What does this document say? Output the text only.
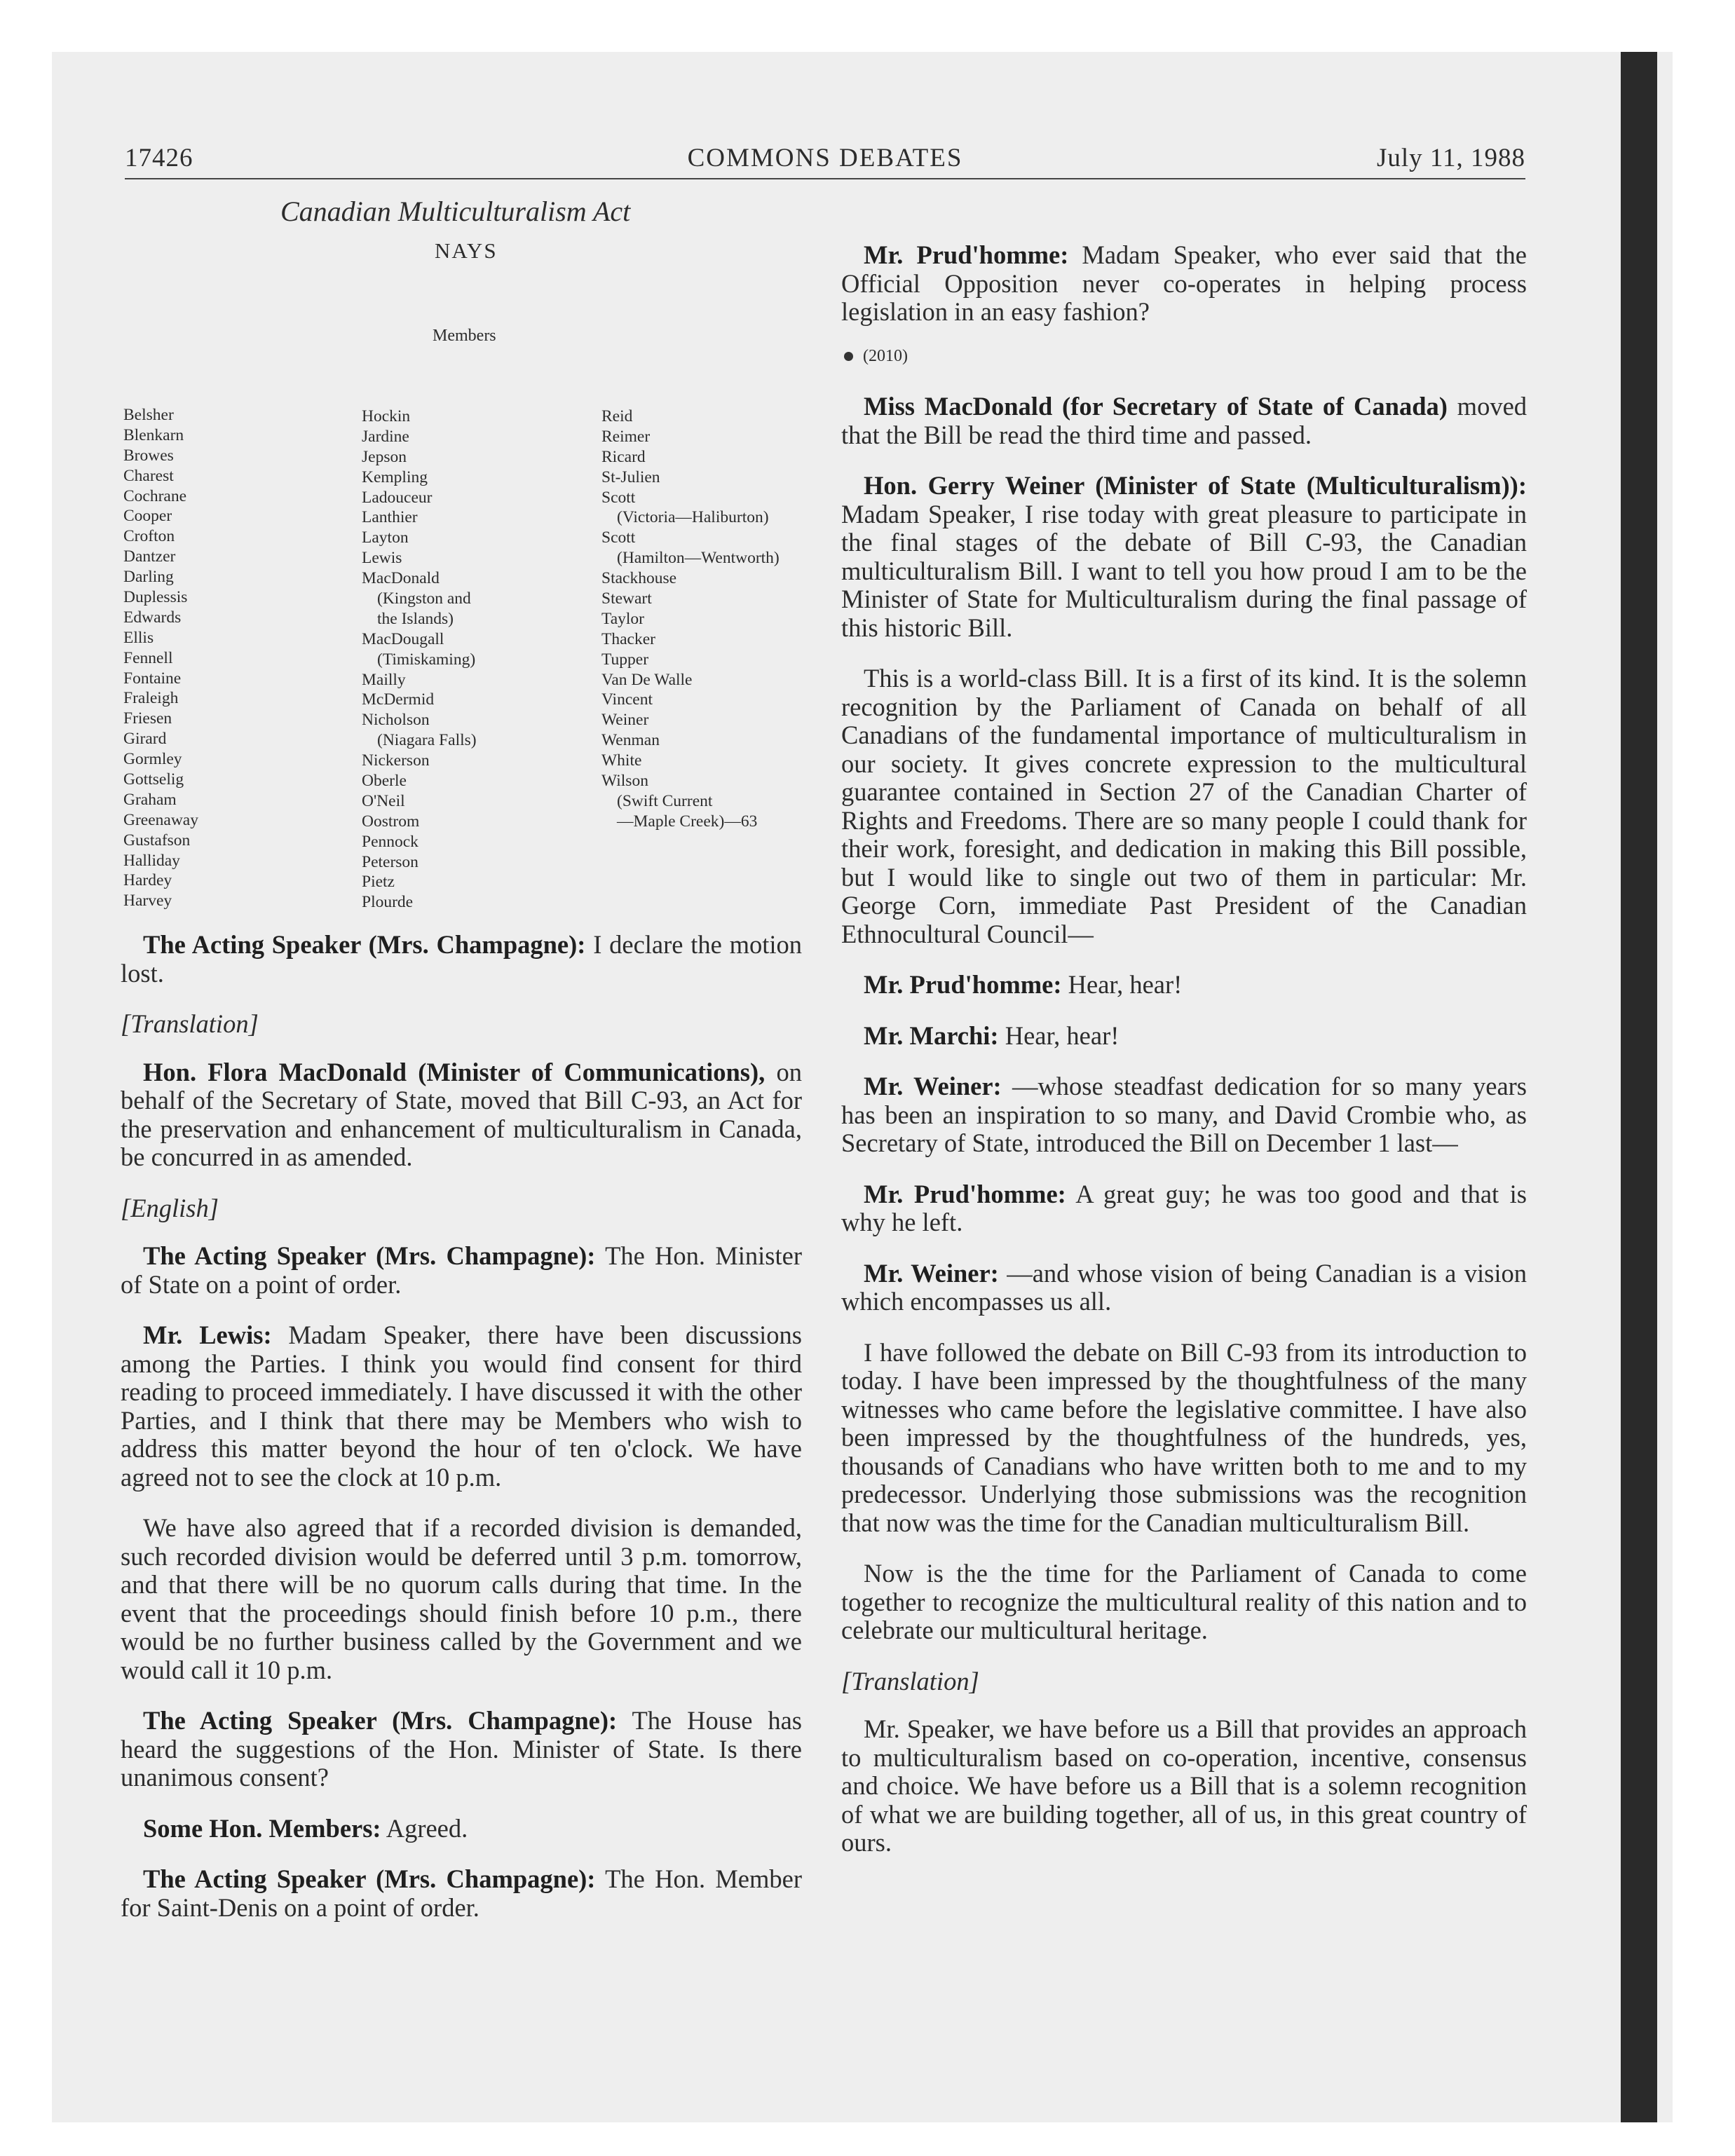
17426	COMMONS DEBATES	July 11, 1988
Canadian Multiculturalism Act
NAYS
Members
Belsher
Blenkarn
Browes
Charest
Cochrane
Cooper
Crofton
Dantzer
Darling
Duplessis
Edwards
Ellis
Fennell
Fontaine
Fraleigh
Friesen
Girard
Gormley
Gottselig
Graham
Greenaway
Gustafson
Halliday
Hardey
Harvey
Hockin
Jardine
Jepson
Kempling
Ladouceur
Lanthier
Layton
Lewis
MacDonald
(Kingston and
the Islands)
MacDougall
(Timiskaming)
Mailly
McDermid
Nicholson
(Niagara Falls)
Nickerson
Oberle
O'Neil
Oostrom
Pennock
Peterson
Pietz
Plourde
Reid
Reimer
Ricard
St-Julien
Scott
(Victoria—Haliburton)
Scott
(Hamilton—Wentworth)
Stackhouse
Stewart
Taylor
Thacker
Tupper
Van De Walle
Vincent
Weiner
Wenman
White
Wilson
(Swift Current
—Maple Creek)—63

The Acting Speaker (Mrs. Champagne): I declare the motion lost.

[Translation]

Hon. Flora MacDonald (Minister of Communications), on behalf of the Secretary of State, moved that Bill C-93, an Act for the preservation and enhancement of multiculturalism in Canada, be concurred in as amended.

[English]

The Acting Speaker (Mrs. Champagne): The Hon. Minister of State on a point of order.

Mr. Lewis: Madam Speaker, there have been discussions among the Parties. I think you would find consent for third reading to proceed immediately. I have discussed it with the other Parties, and I think that there may be Members who wish to address this matter beyond the hour of ten o'clock. We have agreed not to see the clock at 10 p.m.

We have also agreed that if a recorded division is demanded, such recorded division would be deferred until 3 p.m. tomorrow, and that there will be no quorum calls during that time. In the event that the proceedings should finish before 10 p.m., there would be no further business called by the Government and we would call it 10 p.m.

The Acting Speaker (Mrs. Champagne): The House has heard the suggestions of the Hon. Minister of State. Is there unanimous consent?

Some Hon. Members: Agreed.

The Acting Speaker (Mrs. Champagne): The Hon. Member for Saint-Denis on a point of order.

Mr. Prud'homme: Madam Speaker, who ever said that the Official Opposition never co-operates in helping process legislation in an easy fashion?

(2010)

Miss MacDonald (for Secretary of State of Canada) moved that the Bill be read the third time and passed.

Hon. Gerry Weiner (Minister of State (Multiculturalism)): Madam Speaker, I rise today with great pleasure to participate in the final stages of the debate of Bill C-93, the Canadian multiculturalism Bill. I want to tell you how proud I am to be the Minister of State for Multiculturalism during the final passage of this historic Bill.

This is a world-class Bill. It is a first of its kind. It is the solemn recognition by the Parliament of Canada on behalf of all Canadians of the fundamental importance of multiculturalism in our society. It gives concrete expression to the multicultural guarantee contained in Section 27 of the Canadian Charter of Rights and Freedoms. There are so many people I could thank for their work, foresight, and dedication in making this Bill possible, but I would like to single out two of them in particular: Mr. George Corn, immediate Past President of the Canadian Ethnocultural Council—

Mr. Prud'homme: Hear, hear!

Mr. Marchi: Hear, hear!

Mr. Weiner: —whose steadfast dedication for so many years has been an inspiration to so many, and David Crombie who, as Secretary of State, introduced the Bill on December 1 last—

Mr. Prud'homme: A great guy; he was too good and that is why he left.

Mr. Weiner: —and whose vision of being Canadian is a vision which encompasses us all.

I have followed the debate on Bill C-93 from its introduction to today. I have been impressed by the thoughtfulness of the many witnesses who came before the legislative committee. I have also been impressed by the thoughtfulness of the hundreds, yes, thousands of Canadians who have written both to me and to my predecessor. Underlying those submissions was the recognition that now was the time for the Canadian multiculturalism Bill.

Now is the the time for the Parliament of Canada to come together to recognize the multicultural reality of this nation and to celebrate our multicultural heritage.

[Translation]

Mr. Speaker, we have before us a Bill that provides an approach to multiculturalism based on co-operation, incentive, consensus and choice. We have before us a Bill that is a solemn recognition of what we are building together, all of us, in this great country of ours.
